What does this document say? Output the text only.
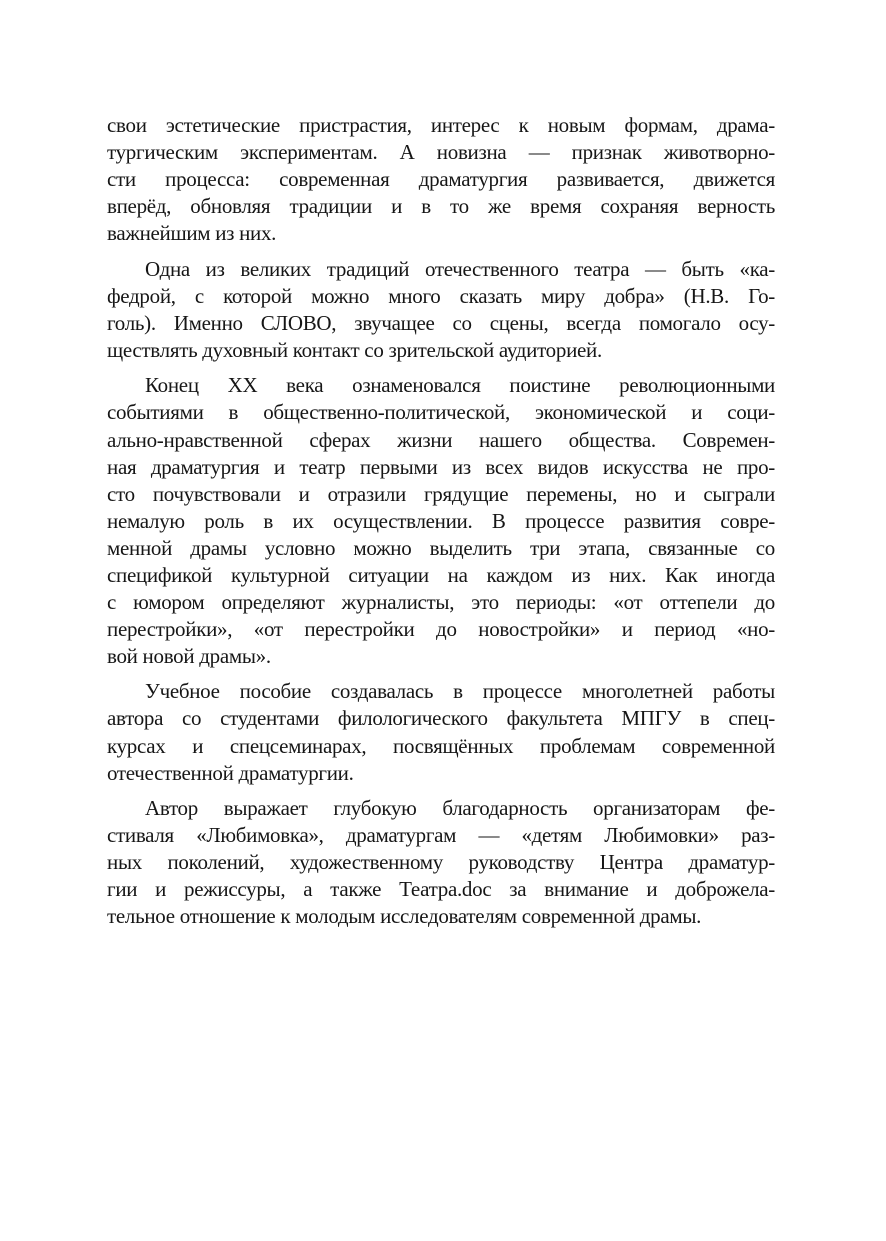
свои эстетические пристрастия, интерес к новым формам, драма-
тургическим экспериментам. А новизна — признак животворно-
сти процесса: современная драматургия развивается, движется
вперёд, обновляя традиции и в то же время сохраняя верность
важнейшим из них.
Одна из великих традиций отечественного театра — быть «ка-
федрой, с которой можно много сказать миру добра» (Н.В. Го-
голь). Именно СЛОВО, звучащее со сцены, всегда помогало осу-
ществлять духовный контакт со зрительской аудиторией.
Конец XX века ознаменовался поистине революционными
событиями в общественно-политической, экономической и соци-
ально-нравственной сферах жизни нашего общества. Современ-
ная драматургия и театр первыми из всех видов искусства не про-
сто почувствовали и отразили грядущие перемены, но и сыграли
немалую роль в их осуществлении. В процессе развития совре-
менной драмы условно можно выделить три этапа, связанные со
спецификой культурной ситуации на каждом из них. Как иногда
с юмором определяют журналисты, это периоды: «от оттепели до
перестройки», «от перестройки до новостройки» и период «но-
вой новой драмы».
Учебное пособие создавалась в процессе многолетней работы
автора со студентами филологического факультета МПГУ в спец-
курсах и спецсеминарах, посвящённых проблемам современной
отечественной драматургии.
Автор выражает глубокую благодарность организаторам фе-
стиваля «Любимовка», драматургам — «детям Любимовки» раз-
ных поколений, художественному руководству Центра драматур-
гии и режиссуры, а также Театра.doc за внимание и доброжела-
тельное отношение к молодым исследователям современной драмы.
